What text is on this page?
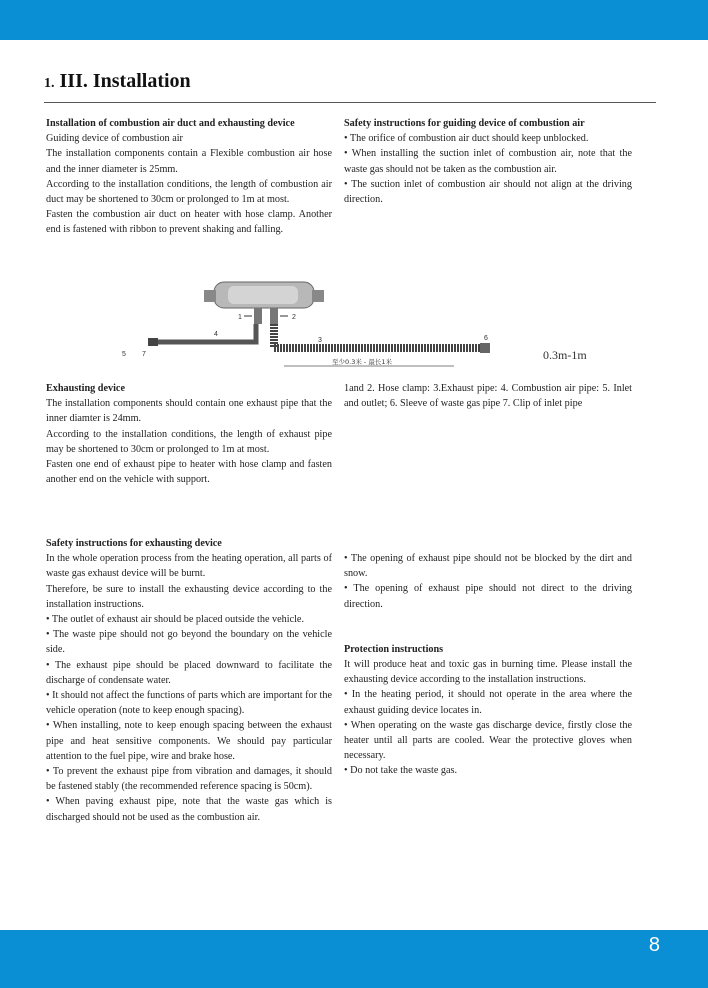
1. III. Installation
Installation of combustion air duct and exhausting device

Guiding device of combustion air

The installation components contain a Flexible combustion air hose and the inner diameter is 25mm.

According to the installation conditions, the length of combustion air duct may be shortened to 30cm or prolonged to 1m at most.

Fasten the combustion air duct on heater with hose clamp. Another end is fastened with ribbon to prevent shaking and falling.

Safety instructions for guiding device of combustion air

• The orifice of combustion air duct should keep unblocked.

• When installing the suction inlet of combustion air, note that the waste gas should not be taken as the combustion air.

• The suction inlet of combustion air should not align at the driving direction.

1	2
4
5 7
3	6
至少0.3米 - 最长1米	0.3m-1m
Exhausting device

The installation components should contain one exhaust pipe that the inner diamter is 24mm.

According to the installation conditions, the length of exhaust pipe may be shortened to 30cm or prolonged to 1m at most.

Fasten one end of exhaust pipe to heater with hose clamp and fasten another end on the vehicle with support.

1and 2. Hose clamp: 3.Exhaust pipe: 4. Combustion air pipe: 5. Inlet and outlet; 6. Sleeve of waste gas pipe 7. Clip of inlet pipe

Safety instructions for exhausting device

In the whole operation process from the heating operation, all parts of waste gas exhaust device will be burnt.

Therefore, be sure to install the exhausting device according to the installation instructions.

• The outlet of exhaust air should be placed outside the vehicle.

• The waste pipe should not go beyond the boundary on the vehicle side.

• The exhaust pipe should be placed downward to facilitate the discharge of condensate water.

• It should not affect the functions of parts which are important for the vehicle operation (note to keep enough spacing).

• When installing, note to keep enough spacing between the exhaust pipe and heat sensitive components. We should pay particular attention to the fuel pipe, wire and brake hose.

• To prevent the exhaust pipe from vibration and damages, it should be fastened stably (the recommended reference spacing is 50cm).

• When paving exhaust pipe, note that the waste gas which is discharged should not be used as the combustion air.

• The opening of exhaust pipe should not be blocked by the dirt and snow.

• The opening of exhaust pipe should not direct to the driving direction.

Protection instructions

It will produce heat and toxic gas in burning time. Please install the exhausting device according to the installation instructions.

• In the heating period, it should not operate in the area where the exhaust guiding device locates in.

• When operating on the waste gas discharge device, firstly close the heater until all parts are cooled. Wear the protective gloves when necessary.

• Do not take the waste gas.

8
